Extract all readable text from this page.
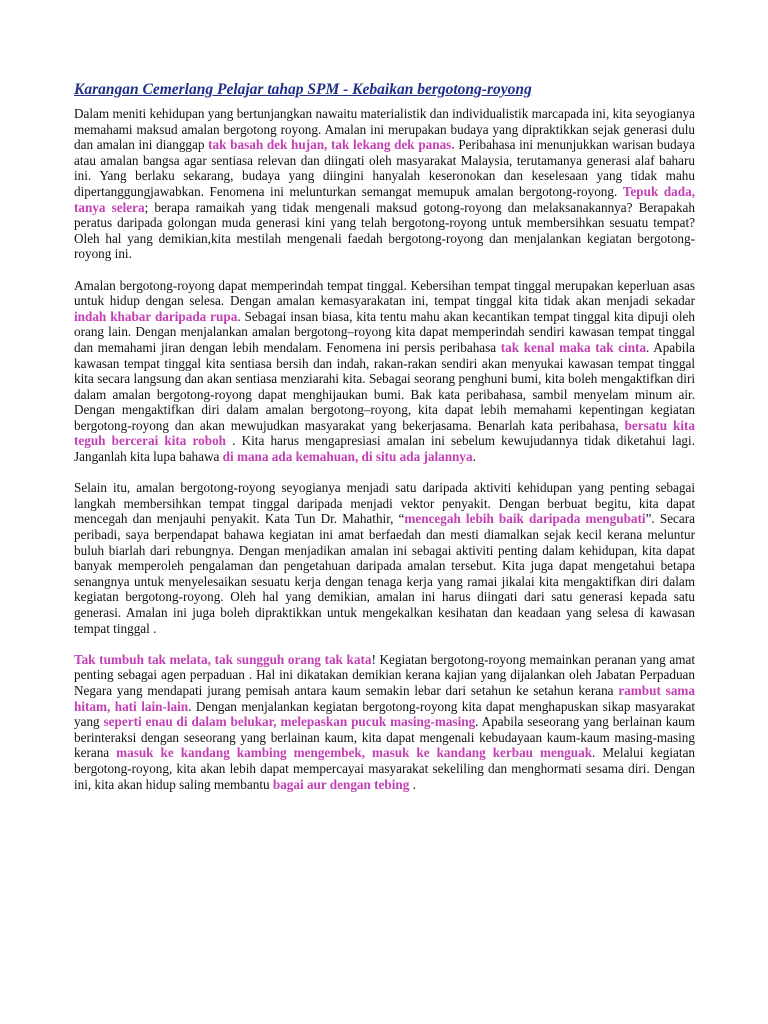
Karangan Cemerlang Pelajar tahap SPM - Kebaikan bergotong-royong

Dalam meniti kehidupan yang bertunjangkan nawaitu materialistik dan individualistik marcapada ini, kita seyogianya memahami maksud amalan bergotong royong. Amalan ini merupakan budaya yang dipraktikkan sejak generasi dulu dan amalan ini dianggap tak basah dek hujan, tak lekang dek panas. Peribahasa ini menunjukkan warisan budaya atau amalan bangsa agar sentiasa relevan dan diingati oleh masyarakat Malaysia, terutamanya generasi alaf baharu ini. Yang berlaku sekarang, budaya yang diingini hanyalah keseronokan dan keselesaan yang tidak mahu dipertanggungjawabkan. Fenomena ini melunturkan semangat memupuk amalan bergotong-royong. Tepuk dada, tanya selera; berapa ramaikah yang tidak mengenali maksud gotong-royong dan melaksanakannya? Berapakah peratus daripada golongan muda generasi kini yang telah bergotong-royong untuk membersihkan sesuatu tempat? Oleh hal yang demikian,kita mestilah mengenali faedah bergotong-royong dan menjalankan kegiatan bergotong-royong ini.

Amalan bergotong-royong dapat memperindah tempat tinggal. Kebersihan tempat tinggal merupakan keperluan asas untuk hidup dengan selesa. Dengan amalan kemasyarakatan ini, tempat tinggal kita tidak akan menjadi sekadar indah khabar daripada rupa. Sebagai insan biasa, kita tentu mahu akan kecantikan tempat tinggal kita dipuji oleh orang lain. Dengan menjalankan amalan bergotong–royong kita dapat memperindah sendiri kawasan tempat tinggal dan memahami jiran dengan lebih mendalam. Fenomena ini persis peribahasa tak kenal maka tak cinta. Apabila kawasan tempat tinggal kita sentiasa bersih dan indah, rakan-rakan sendiri akan menyukai kawasan tempat tinggal kita secara langsung dan akan sentiasa menziarahi kita. Sebagai seorang penghuni bumi, kita boleh mengaktifkan diri dalam amalan bergotong-royong dapat menghijaukan bumi. Bak kata peribahasa, sambil menyelam minum air. Dengan mengaktifkan diri dalam amalan bergotong–royong, kita dapat lebih memahami kepentingan kegiatan bergotong-royong dan akan mewujudkan masyarakat yang bekerjasama. Benarlah kata peribahasa, bersatu kita teguh bercerai kita roboh . Kita harus mengapresiasi amalan ini sebelum kewujudannya tidak diketahui lagi. Janganlah kita lupa bahawa di mana ada kemahuan, di situ ada jalannya.

Selain itu, amalan bergotong-royong seyogianya menjadi satu daripada aktiviti kehidupan yang penting sebagai langkah membersihkan tempat tinggal daripada menjadi vektor penyakit. Dengan berbuat begitu, kita dapat mencegah dan menjauhi penyakit. Kata Tun Dr. Mahathir, “mencegah lebih baik daripada mengubati”. Secara peribadi, saya berpendapat bahawa kegiatan ini amat berfaedah dan mesti diamalkan sejak kecil kerana meluntur buluh biarlah dari rebungnya. Dengan menjadikan amalan ini sebagai aktiviti penting dalam kehidupan, kita dapat banyak memperoleh pengalaman dan pengetahuan daripada amalan tersebut. Kita juga dapat mengetahui betapa senangnya untuk menyelesaikan sesuatu kerja dengan tenaga kerja yang ramai jikalai kita mengaktifkan diri dalam kegiatan bergotong-royong. Oleh hal yang demikian, amalan ini harus diingati dari satu generasi kepada satu generasi. Amalan ini juga boleh dipraktikkan untuk mengekalkan kesihatan dan keadaan yang selesa di kawasan tempat tinggal .

Tak tumbuh tak melata, tak sungguh orang tak kata! Kegiatan bergotong-royong memainkan peranan yang amat penting sebagai agen perpaduan . Hal ini dikatakan demikian kerana kajian yang dijalankan oleh Jabatan Perpaduan Negara yang mendapati jurang pemisah antara kaum semakin lebar dari setahun ke setahun kerana rambut sama hitam, hati lain-lain. Dengan menjalankan kegiatan bergotong-royong kita dapat menghapuskan sikap masyarakat yang seperti enau di dalam belukar, melepaskan pucuk masing-masing. Apabila seseorang yang berlainan kaum berinteraksi dengan seseorang yang berlainan kaum, kita dapat mengenali kebudayaan kaum-kaum masing-masing kerana masuk ke kandang kambing mengembek, masuk ke kandang kerbau menguak. Melalui kegiatan bergotong-royong, kita akan lebih dapat mempercayai masyarakat sekeliling dan menghormati sesama diri. Dengan ini, kita akan hidup saling membantu bagai aur dengan tebing .
